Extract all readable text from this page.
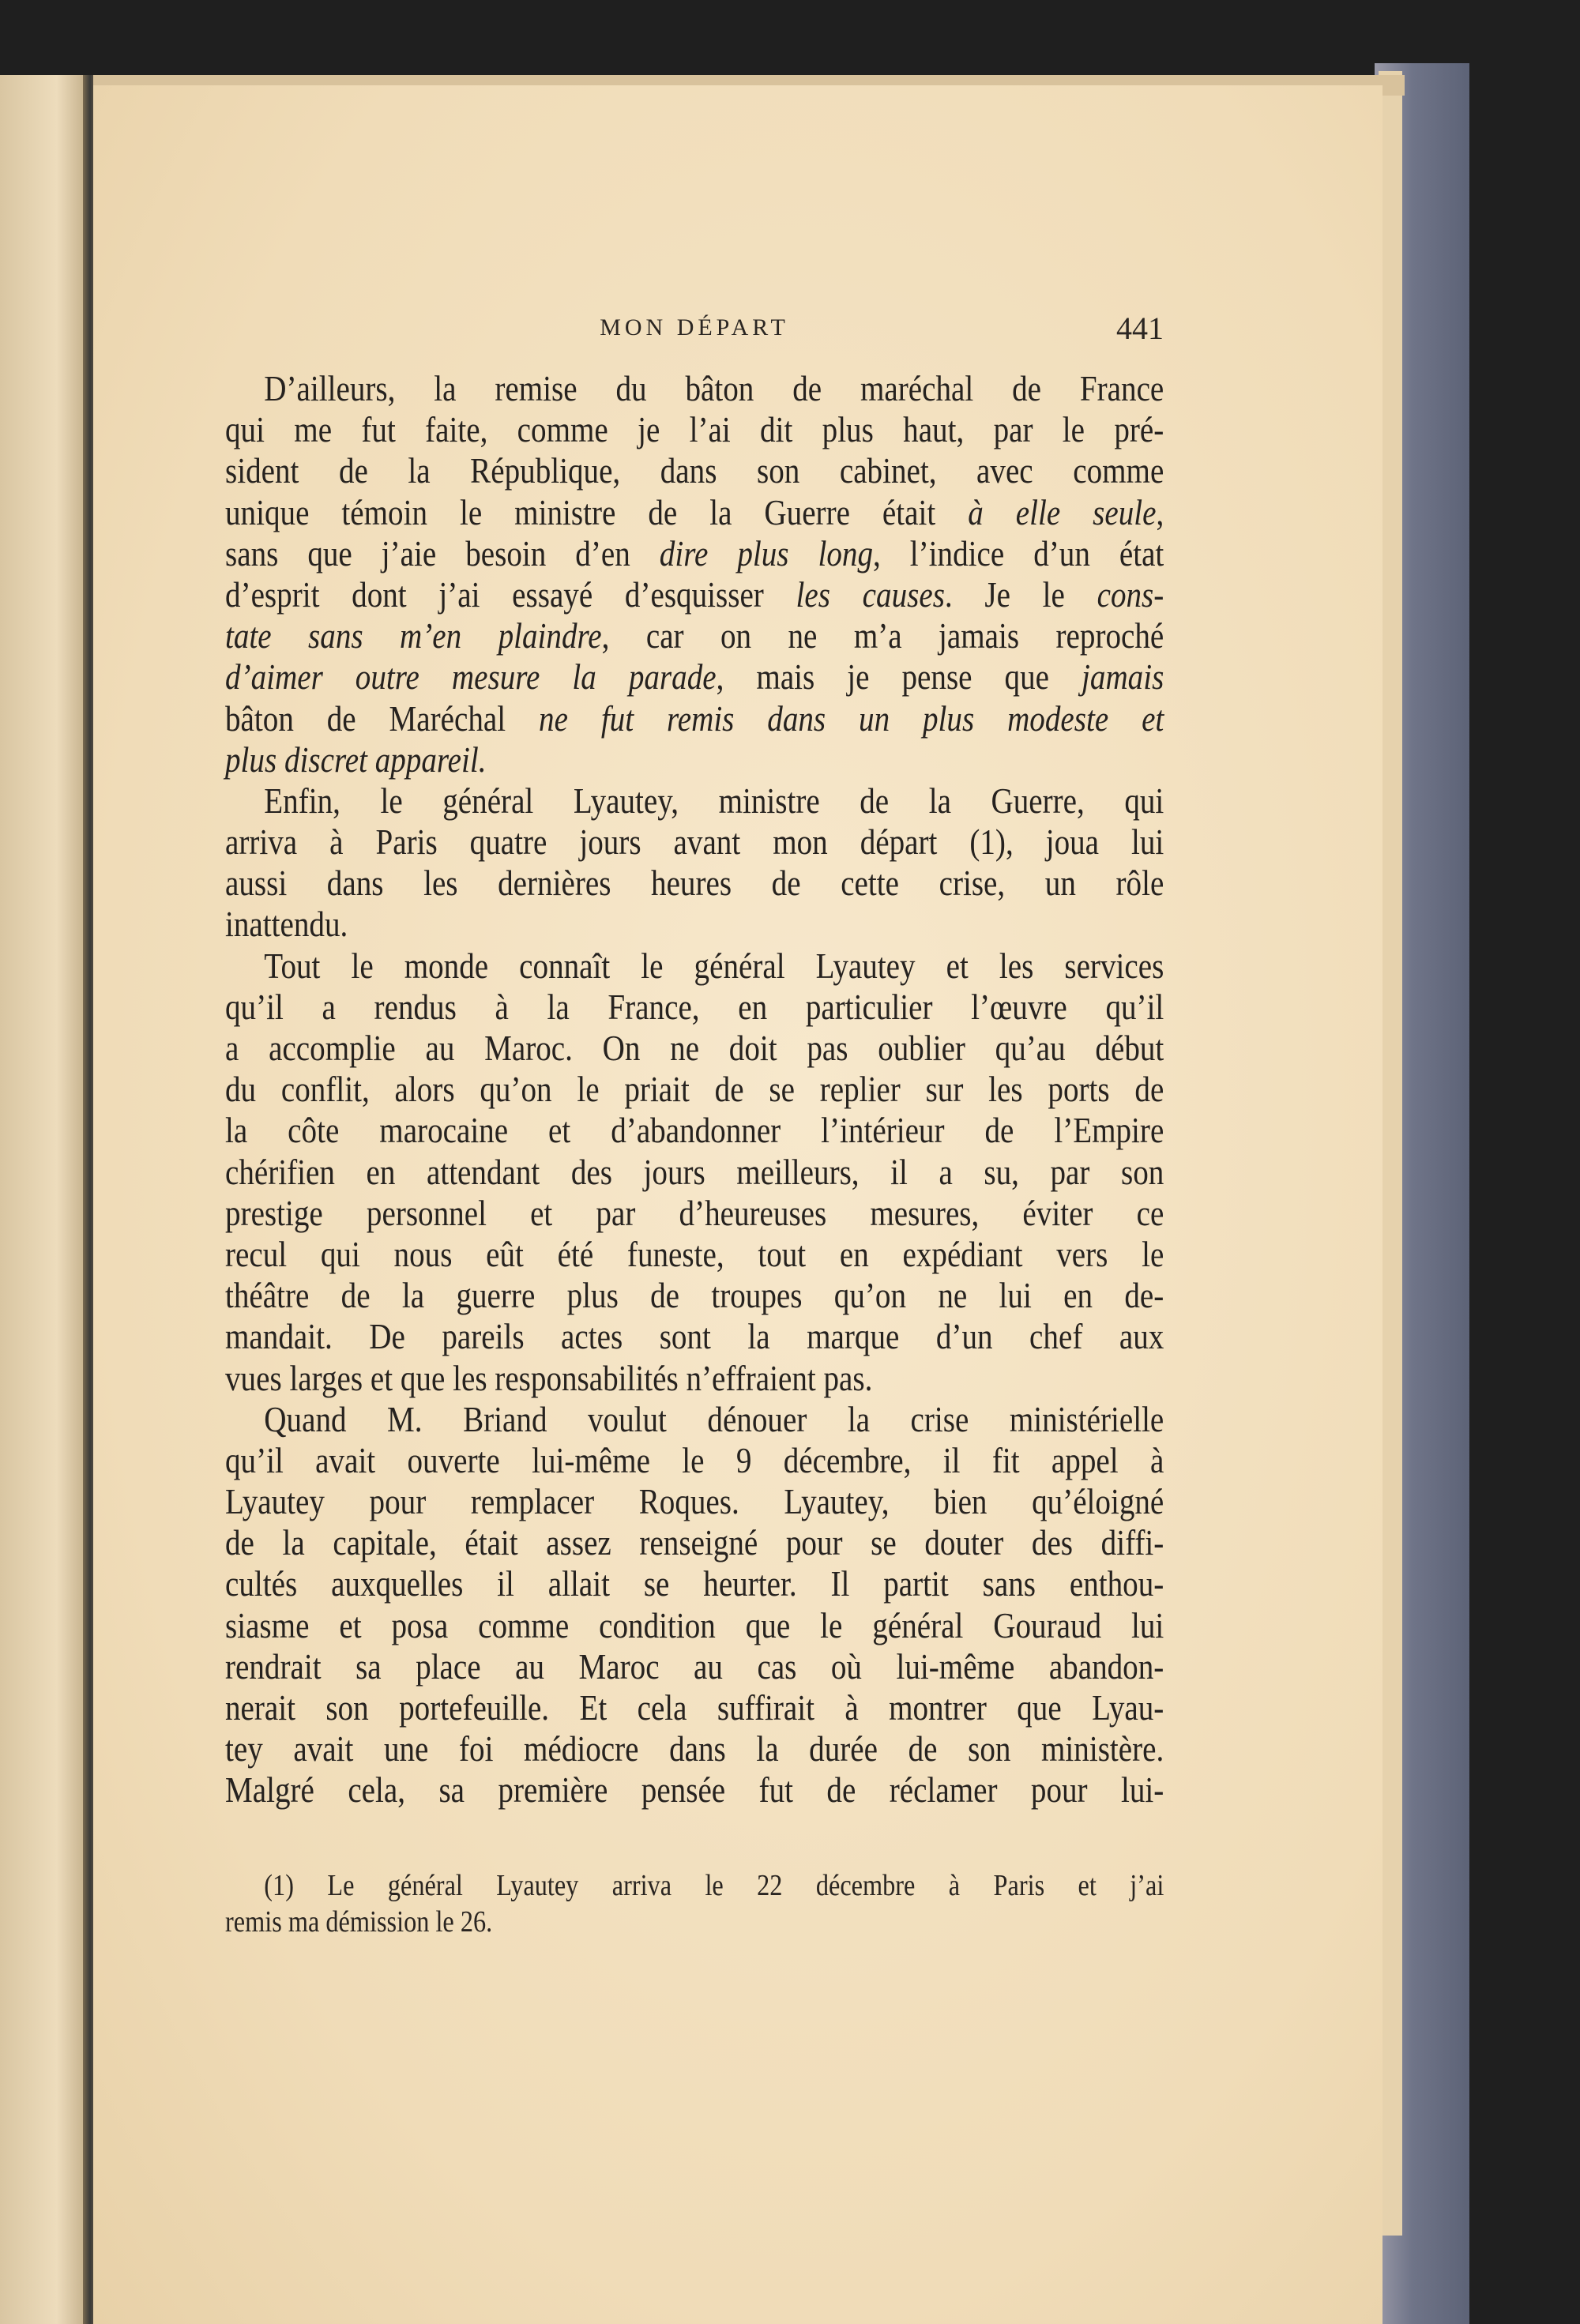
MON DÉPART	441
D’ailleurs, la remise du bâton de maréchal de France
qui me fut faite, comme je l’ai dit plus haut, par le pré-
sident de la République, dans son cabinet, avec comme
unique témoin le ministre de la Guerre était à elle seule,
sans que j’aie besoin d’en dire plus long, l’indice d’un état
d’esprit dont j’ai essayé d’esquisser les causes. Je le cons-
tate sans m’en plaindre, car on ne m’a jamais reproché
d’aimer outre mesure la parade, mais je pense que jamais
bâton de Maréchal ne fut remis dans un plus modeste et
plus discret appareil.
Enfin, le général Lyautey, ministre de la Guerre, qui
arriva à Paris quatre jours avant mon départ (1), joua lui
aussi dans les dernières heures de cette crise, un rôle
inattendu.
Tout le monde connaît le général Lyautey et les services
qu’il a rendus à la France, en particulier l’œuvre qu’il
a accomplie au Maroc. On ne doit pas oublier qu’au début
du conflit, alors qu’on le priait de se replier sur les ports de
la côte marocaine et d’abandonner l’intérieur de l’Empire
chérifien en attendant des jours meilleurs, il a su, par son
prestige personnel et par d’heureuses mesures, éviter ce
recul qui nous eût été funeste, tout en expédiant vers le
théâtre de la guerre plus de troupes qu’on ne lui en de-
mandait. De pareils actes sont la marque d’un chef aux
vues larges et que les responsabilités n’effraient pas.
Quand M. Briand voulut dénouer la crise ministérielle
qu’il avait ouverte lui-même le 9 décembre, il fit appel à
Lyautey pour remplacer Roques. Lyautey, bien qu’éloigné
de la capitale, était assez renseigné pour se douter des diffi-
cultés auxquelles il allait se heurter. Il partit sans enthou-
siasme et posa comme condition que le général Gouraud lui
rendrait sa place au Maroc au cas où lui-même abandon-
nerait son portefeuille. Et cela suffirait à montrer que Lyau-
tey avait une foi médiocre dans la durée de son ministère.
Malgré cela, sa première pensée fut de réclamer pour lui-
(1) Le général Lyautey arriva le 22 décembre à Paris et j’ai
remis ma démission le 26.
